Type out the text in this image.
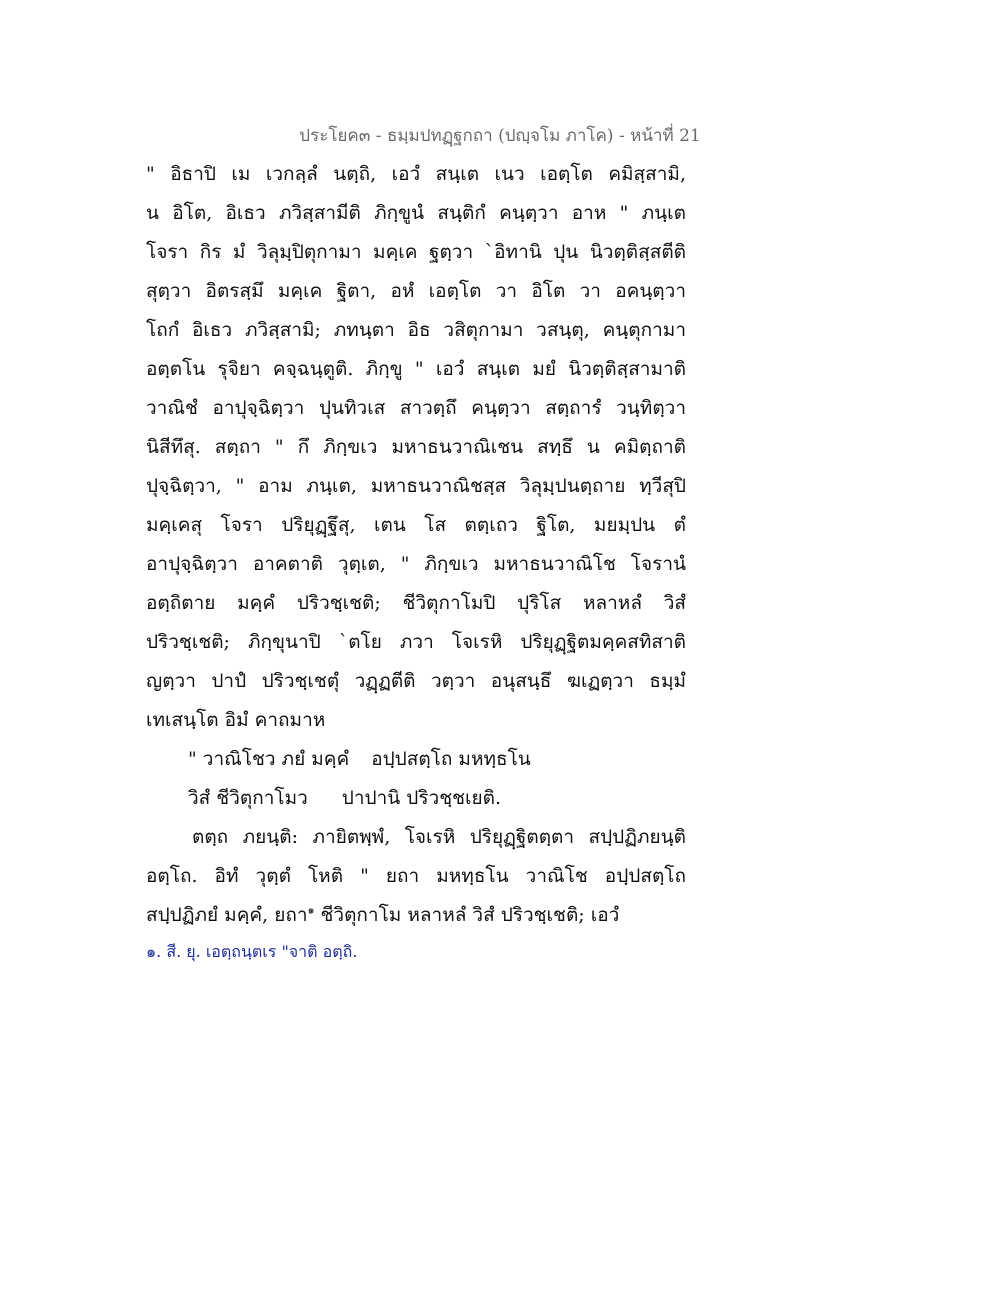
ประโยค๓ - ธมฺมปทฏฺฐกถา (ปญฺจโม ภาโค) - หน้าที่ 21
" อิธาปิ เม เวกลฺลํ นตฺถิ, เอวํ สนฺเต เนว เอตฺโต คมิสฺสามิ,
น อิโต, อิเธว ภวิสฺสามีติ ภิกฺขูนํ สนฺติกํ คนฺตฺวา อาห " ภนฺเต
โจรา กิร มํ วิลุมฺปิตุกามา มคฺเค ฐตฺวา `อิทานิ ปุน นิวตฺติสฺสตีติ
สุตฺวา อิตรสฺมึ มคฺเค ฐิตา, อหํ เอตฺโต วา อิโต วา อคนฺตฺวา
โถกํ อิเธว ภวิสฺสามิ; ภทนฺตา อิธ วสิตุกามา วสนฺตุ, คนฺตุกามา
อตฺตโน รุจิยา คจฺฉนฺตูติ. ภิกฺขู " เอวํ สนฺเต มยํ นิวตฺติสฺสามาติ
วาณิชํ อาปุจฺฉิตฺวา ปุนทิวเส สาวตฺถึ คนฺตฺวา สตฺถารํ วนฺทิตฺวา
นิสีทึสุ. สตฺถา " กึ ภิกฺขเว มหาธนวาณิเชน สทฺธึ น คมิตฺถาติ
ปุจฺฉิตฺวา, " อาม ภนฺเต, มหาธนวาณิชสฺส วิลุมฺปนตฺถาย ทฺวีสุปิ
มคฺเคสุ โจรา ปริยุฏฺฐึสุ, เตน โส ตตฺเถว ฐิโต, มยมฺปน ตํ
อาปุจฺฉิตฺวา อาคตาติ วุตฺเต, " ภิกฺขเว มหาธนวาณิโช โจรานํ
อตฺถิตาย มคฺคํ ปริวชฺเชติ; ชีวิตุกาโมปิ ปุริโส หลาหลํ วิสํ
ปริวชฺเชติ; ภิกฺขุนาปิ `ตโย ภวา โจเรหิ ปริยุฏฺฐิตมคฺคสทิสาติ
ญตฺวา ปาปํ ปริวชฺเชตุํ วฏฺฏตีติ วตฺวา อนุสนฺธึ ฆเฏตฺวา ธมฺมํ
เทเสนฺโต อิมํ คาถมาห
" วาณิโชว ภยํ มคฺคํ อปฺปสตฺโถ มหทฺธโน
วิสํ ชีวิตุกาโมว ปาปานิ ปริวชฺชเยติ.
ตตฺถ ภยนฺติ: ภายิตพฺพํ, โจเรหิ ปริยุฏฺฐิตตฺตา สปฺปฏิภยนฺติ
อตฺโถ. อิทํ วุตฺตํ โหติ " ยถา มหทฺธโน วาณิโช อปฺปสตฺโถ
สปฺปฏิภยํ มคฺคํ, ยถา$^๑$ ชีวิตุกาโม หลาหลํ วิสํ ปริวชฺเชติ; เอวํ
๑. สี. ยุ. เอตฺถนฺตเร "จาติ อตฺถิ.
